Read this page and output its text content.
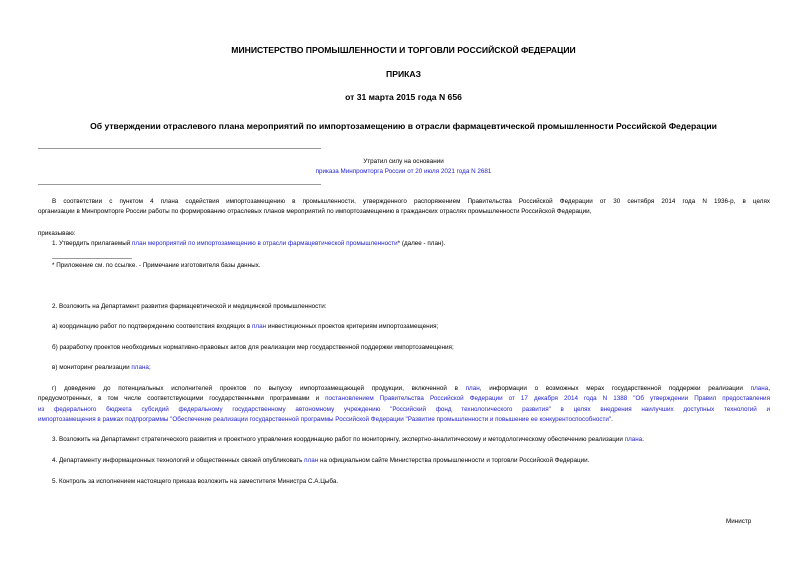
МИНИСТЕРСТВО ПРОМЫШЛЕННОСТИ И ТОРГОВЛИ РОССИЙСКОЙ ФЕДЕРАЦИИ
ПРИКАЗ
от 31 марта 2015 года N 656
Об утверждении отраслевого плана мероприятий по импортозамещению в отрасли фармацевтической промышленности Российской Федерации
Утратил силу на основании
приказа Минпромторга России от 20 июля 2021 года N 2681
В соответствии с пунктом 4 плана содействия импортозамещению в промышленности, утвержденного распоряжением Правительства Российской Федерации от 30 сентября 2014 года N 1936-р, в целях
организации в Минпромторге России работы по формированию отраслевых планов мероприятий по импортозамещению в гражданских отраслях промышленности Российской Федерации,
приказываю:
1. Утвердить прилагаемый план мероприятий по импортозамещению в отрасли фармацевтической промышленности* (далее - план).
* Приложение см. по ссылке. - Примечание изготовителя базы данных.
2. Возложить на Департамент развития фармацевтической и медицинской промышленности:
а) координацию работ по подтверждению соответствия входящих в план инвестиционных проектов критериям импортозамещения;
б) разработку проектов необходимых нормативно-правовых актов для реализации мер государственной поддержки импортозамещения;
в) мониторинг реализации плана;
г) доведение до потенциальных исполнителей проектов по выпуску импортозамещающей продукции, включенной в план, информации о возможных мерах государственной поддержки реализации плана,
предусмотренных, в том числе соответствующими государственными программами и постановлением Правительства Российской Федерации от 17 декабря 2014 года N 1388 "Об утверждении Правил предоставления
из федерального бюджета субсидий федеральному государственному автономному учреждению "Российский фонд технологического развития" в целях внедрения наилучших доступных технологий и
импортозамещения в рамках подпрограммы "Обеспечение реализации государственной программы Российской Федерации "Развитие промышленности и повышение ее конкурентоспособности".
3. Возложить на Департамент стратегического развития и проектного управления координацию работ по мониторингу, экспертно-аналитическому и методологическому обеспечению реализации плана.
4. Департаменту информационных технологий и общественных связей опубликовать план на официальном сайте Министерства промышленности и торговли Российской Федерации.
5. Контроль за исполнением настоящего приказа возложить на заместителя Министра С.А.Цыба.
Министр
